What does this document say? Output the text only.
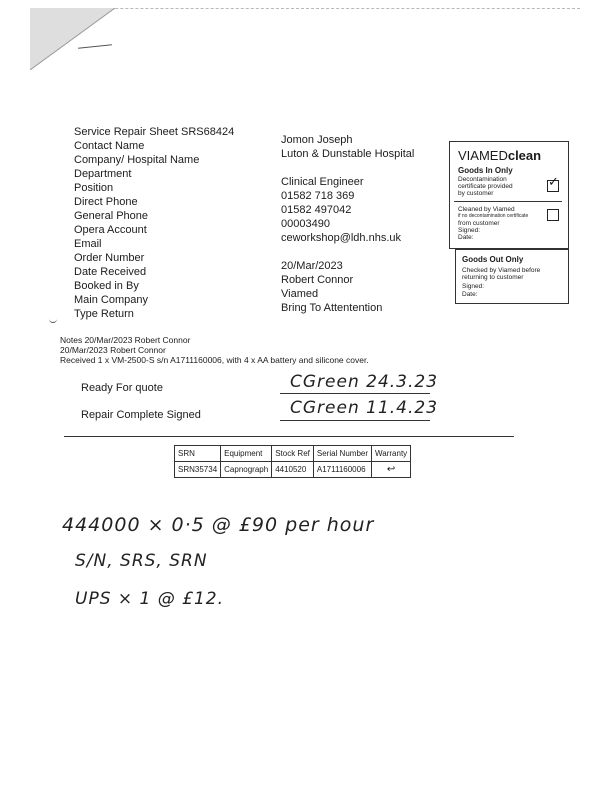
Service Repair Sheet SRS68424
Contact Name	Jomon Joseph
Company/ Hospital Name	Luton & Dunstable Hospital
Department
Position	Clinical Engineer
Direct Phone	01582 718 369
General Phone	01582 497042
Opera Account	00003490
Email	ceworkshop@ldh.nhs.uk
Order Number
Date Received	20/Mar/2023
Booked in By	Robert Connor
Main Company	Viamed
Type Return	Bring To Attentention
VIAMEDclean
Goods In Only
Decontamination
certificate provided
by customer
✓
Cleaned by Viamed
if no decontamination certificate
from customer
Signed:
Date:
Goods Out Only
Checked by Viamed before
returning to customer
Signed:
Date:
Notes 20/Mar/2023 Robert Connor
20/Mar/2023 Robert Connor
Received 1 x VM-2500-S s/n A1711160006, with 4 x AA battery and silicone cover.
Ready For quote	CGreen 24.3.23
Repair Complete Signed	CGreen 11.4.23
SRN	Equipment	Stock Ref	Serial Number	Warranty
SRN35734	Capnograph	4410520	A1711160006	↩
444000 × 0·5 @ £90 per hour
S/N, SRS, SRN
UPS × 1 @ £12.
